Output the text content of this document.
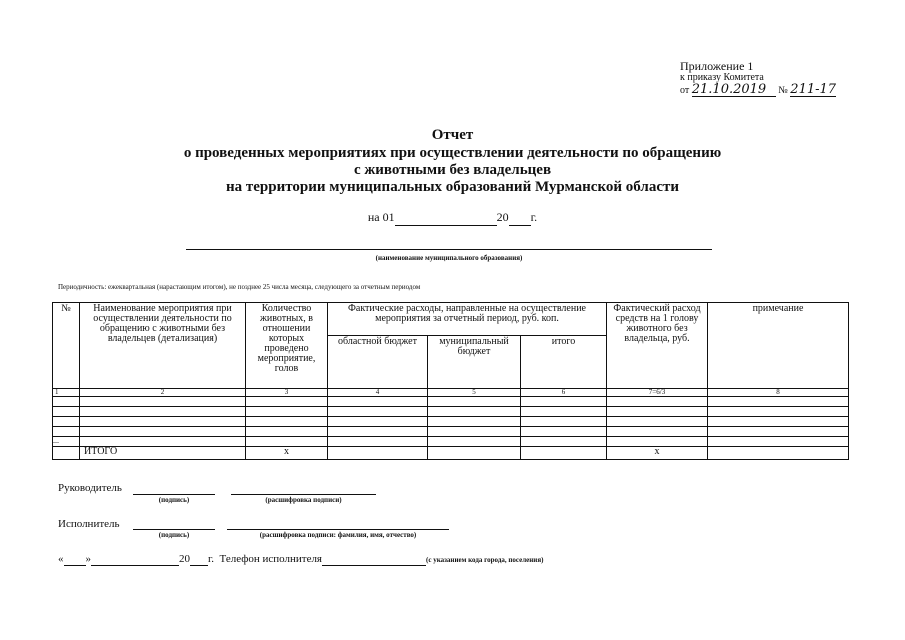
Приложение 1
к приказу Комитета
от 21.10.2019 № 211-17
Отчет
о проведенных мероприятиях при осуществлении деятельности по обращению
с животными без владельцев
на территории муниципальных образований Мурманской области
на 01	20 г.
(наименование муниципального образования)
Периодичность: ежеквартальная (нарастающим итогом), не позднее 25 числа месяца, следующего за отчетным периодом
№	Наименование мероприятия при осуществлении деятельности по обращению с животными без владельцев (детализация)	Количество животных, в отношении которых проведено мероприятие, голов	Фактические расходы, направленные на осуществление мероприятия за отчетный период, руб. коп.			Фактический расход средств на 1 голову животного без владельца, руб.	примечание
			областной бюджет	муниципальный бюджет	итого		
1	2	3	4	5	6	7=6/3	8

...							
	ИТОГО	x				x	
Руководитель
(подпись)	(расшифровка подписи)
Исполнитель
(подпись)	(расшифровка подписи: фамилия, имя, отчество)
« »	20 г. Телефон исполнителя	(с указанием кода города, поселения)
